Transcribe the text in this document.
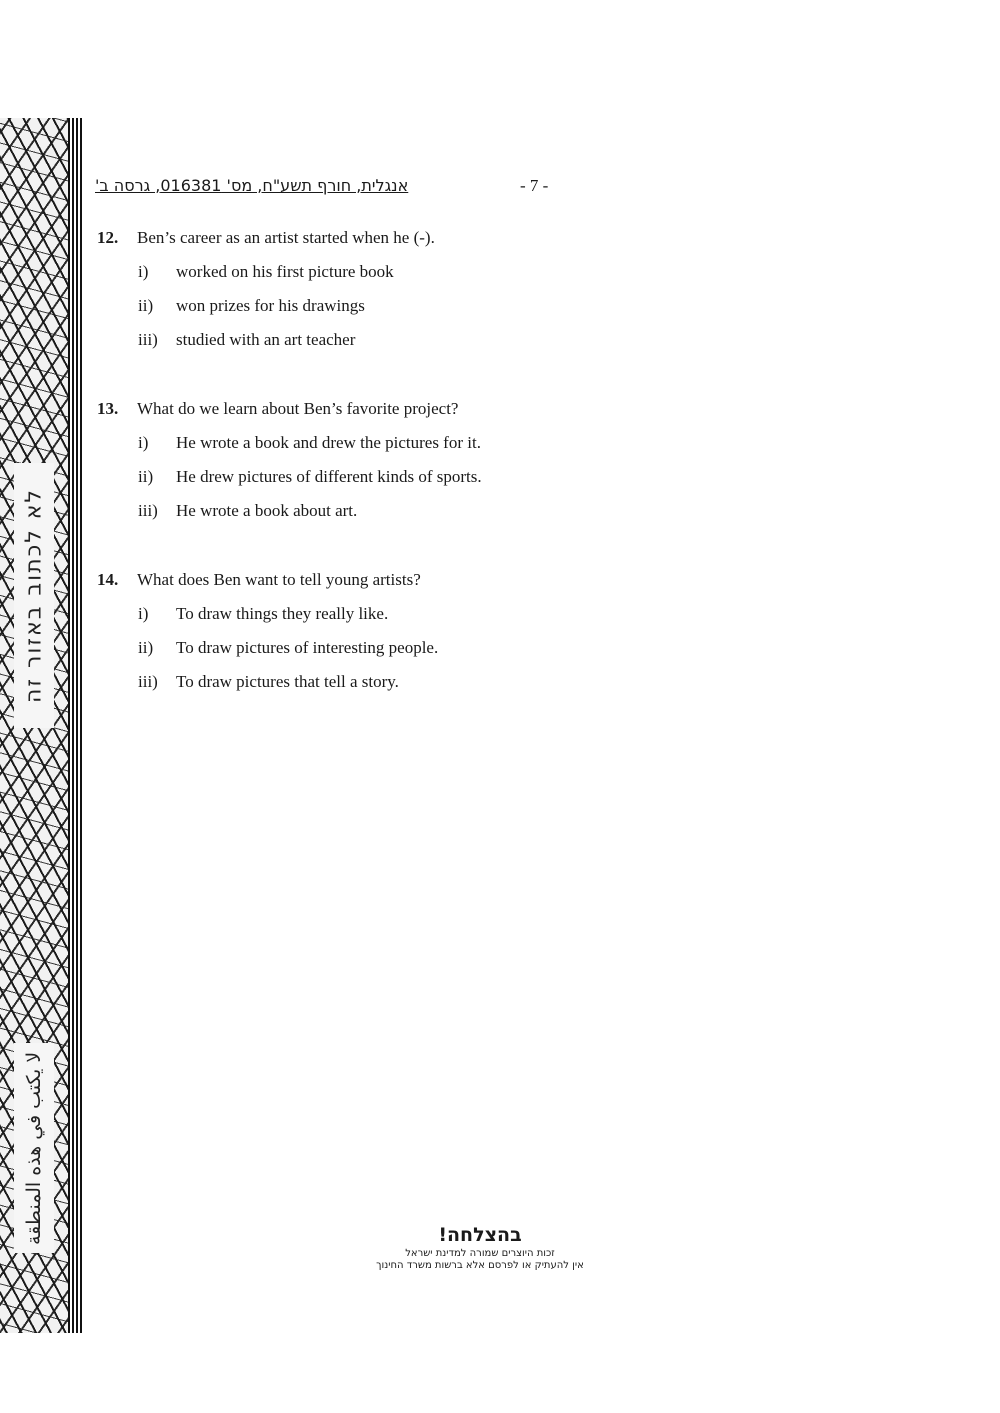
לא לכתוב באזור זה
لا يكتب في هذه المنطقة
אנגלית, חורף תשע"ח, מס' 016381, גרסה ב'	- 7 -
12. Ben’s career as an artist started when he (-).
i) worked on his first picture book
ii) won prizes for his drawings
iii) studied with an art teacher
13. What do we learn about Ben’s favorite project?
i) He wrote a book and drew the pictures for it.
ii) He drew pictures of different kinds of sports.
iii) He wrote a book about art.
14. What does Ben want to tell young artists?
i) To draw things they really like.
ii) To draw pictures of interesting people.
iii) To draw pictures that tell a story.
בהצלחה!
זכות היוצרים שמורה למדינת ישראל
אין להעתיק או לפרסם אלא ברשות משרד החינוך
